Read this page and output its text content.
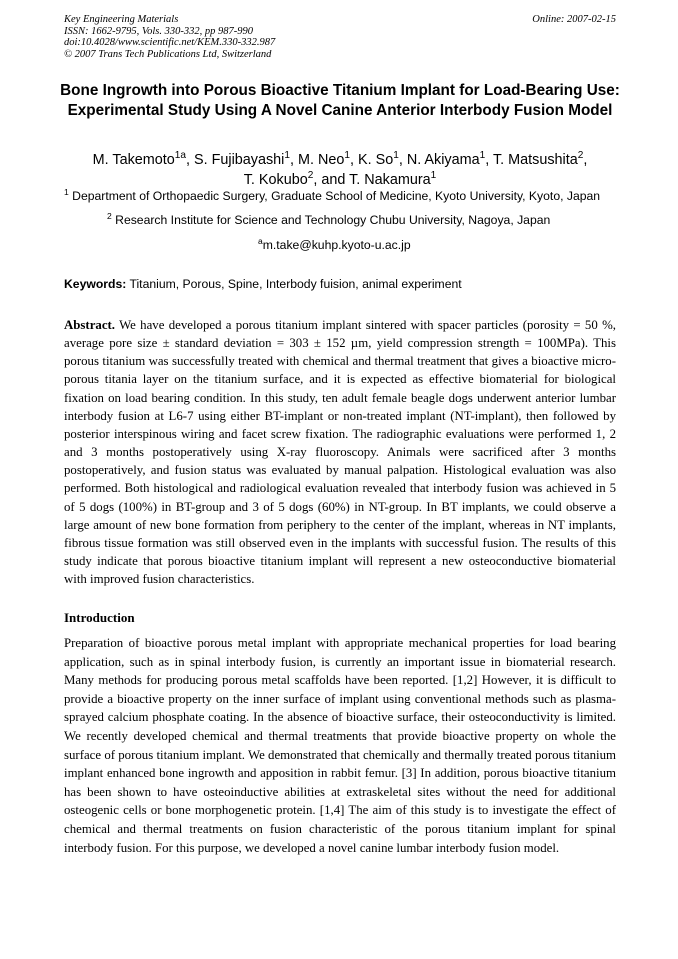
Key Engineering Materials
ISSN: 1662-9795, Vols. 330-332, pp 987-990
doi:10.4028/www.scientific.net/KEM.330-332.987
© 2007 Trans Tech Publications Ltd, Switzerland
Online: 2007-02-15
Bone Ingrowth into Porous Bioactive Titanium Implant for Load-Bearing Use: Experimental Study Using A Novel Canine Anterior Interbody Fusion Model
M. Takemoto$^{1a}$, S. Fujibayashi$^1$, M. Neo$^1$, K. So$^1$, N. Akiyama$^1$, T. Matsushita$^2$,
T. Kokubo$^2$, and T. Nakamura$^1$
$^1$ Department of Orthopaedic Surgery, Graduate School of Medicine, Kyoto University, Kyoto, Japan
$^2$ Research Institute for Science and Technology Chubu University, Nagoya, Japan
$^a$m.take@kuhp.kyoto-u.ac.jp
Keywords: Titanium, Porous, Spine, Interbody fuision, animal experiment
Abstract. We have developed a porous titanium implant sintered with spacer particles (porosity = 50 %, average pore size ± standard deviation = 303 ± 152 µm, yield compression strength = 100MPa). This porous titanium was successfully treated with chemical and thermal treatment that gives a bioactive micro-porous titania layer on the titanium surface, and it is expected as effective biomaterial for biological fixation on load bearing condition. In this study, ten adult female beagle dogs underwent anterior lumbar interbody fusion at L6-7 using either BT-implant or non-treated implant (NT-implant), then followed by posterior interspinous wiring and facet screw fixation. The radiographic evaluations were performed 1, 2 and 3 months postoperatively using X-ray fluoroscopy. Animals were sacrificed after 3 months postoperatively, and fusion status was evaluated by manual palpation. Histological evaluation was also performed. Both histological and radiological evaluation revealed that interbody fusion was achieved in 5 of 5 dogs (100%) in BT-group and 3 of 5 dogs (60%) in NT-group. In BT implants, we could observe a large amount of new bone formation from periphery to the center of the implant, whereas in NT implants, fibrous tissue formation was still observed even in the implants with successful fusion. The results of this study indicate that porous bioactive titanium implant will represent a new osteoconductive biomaterial with improved fusion characteristics.
Introduction
Preparation of bioactive porous metal implant with appropriate mechanical properties for load bearing application, such as in spinal interbody fusion, is currently an important issue in biomaterial research. Many methods for producing porous metal scaffolds have been reported. [1,2] However, it is difficult to provide a bioactive property on the inner surface of implant using conventional methods such as plasma-sprayed calcium phosphate coating. In the absence of bioactive surface, their osteoconductivity is limited. We recently developed chemical and thermal treatments that provide bioactive property on whole the surface of porous titanium implant. We demonstrated that chemically and thermally treated porous titanium implant enhanced bone ingrowth and apposition in rabbit femur. [3] In addition, porous bioactive titanium has been shown to have osteoinductive abilities at extraskeletal sites without the need for additional osteogenic cells or bone morphogenetic protein. [1,4] The aim of this study is to investigate the effect of chemical and thermal treatments on fusion characteristic of the porous titanium implant for spinal interbody fusion. For this purpose, we developed a novel canine lumbar interbody fusion model.
